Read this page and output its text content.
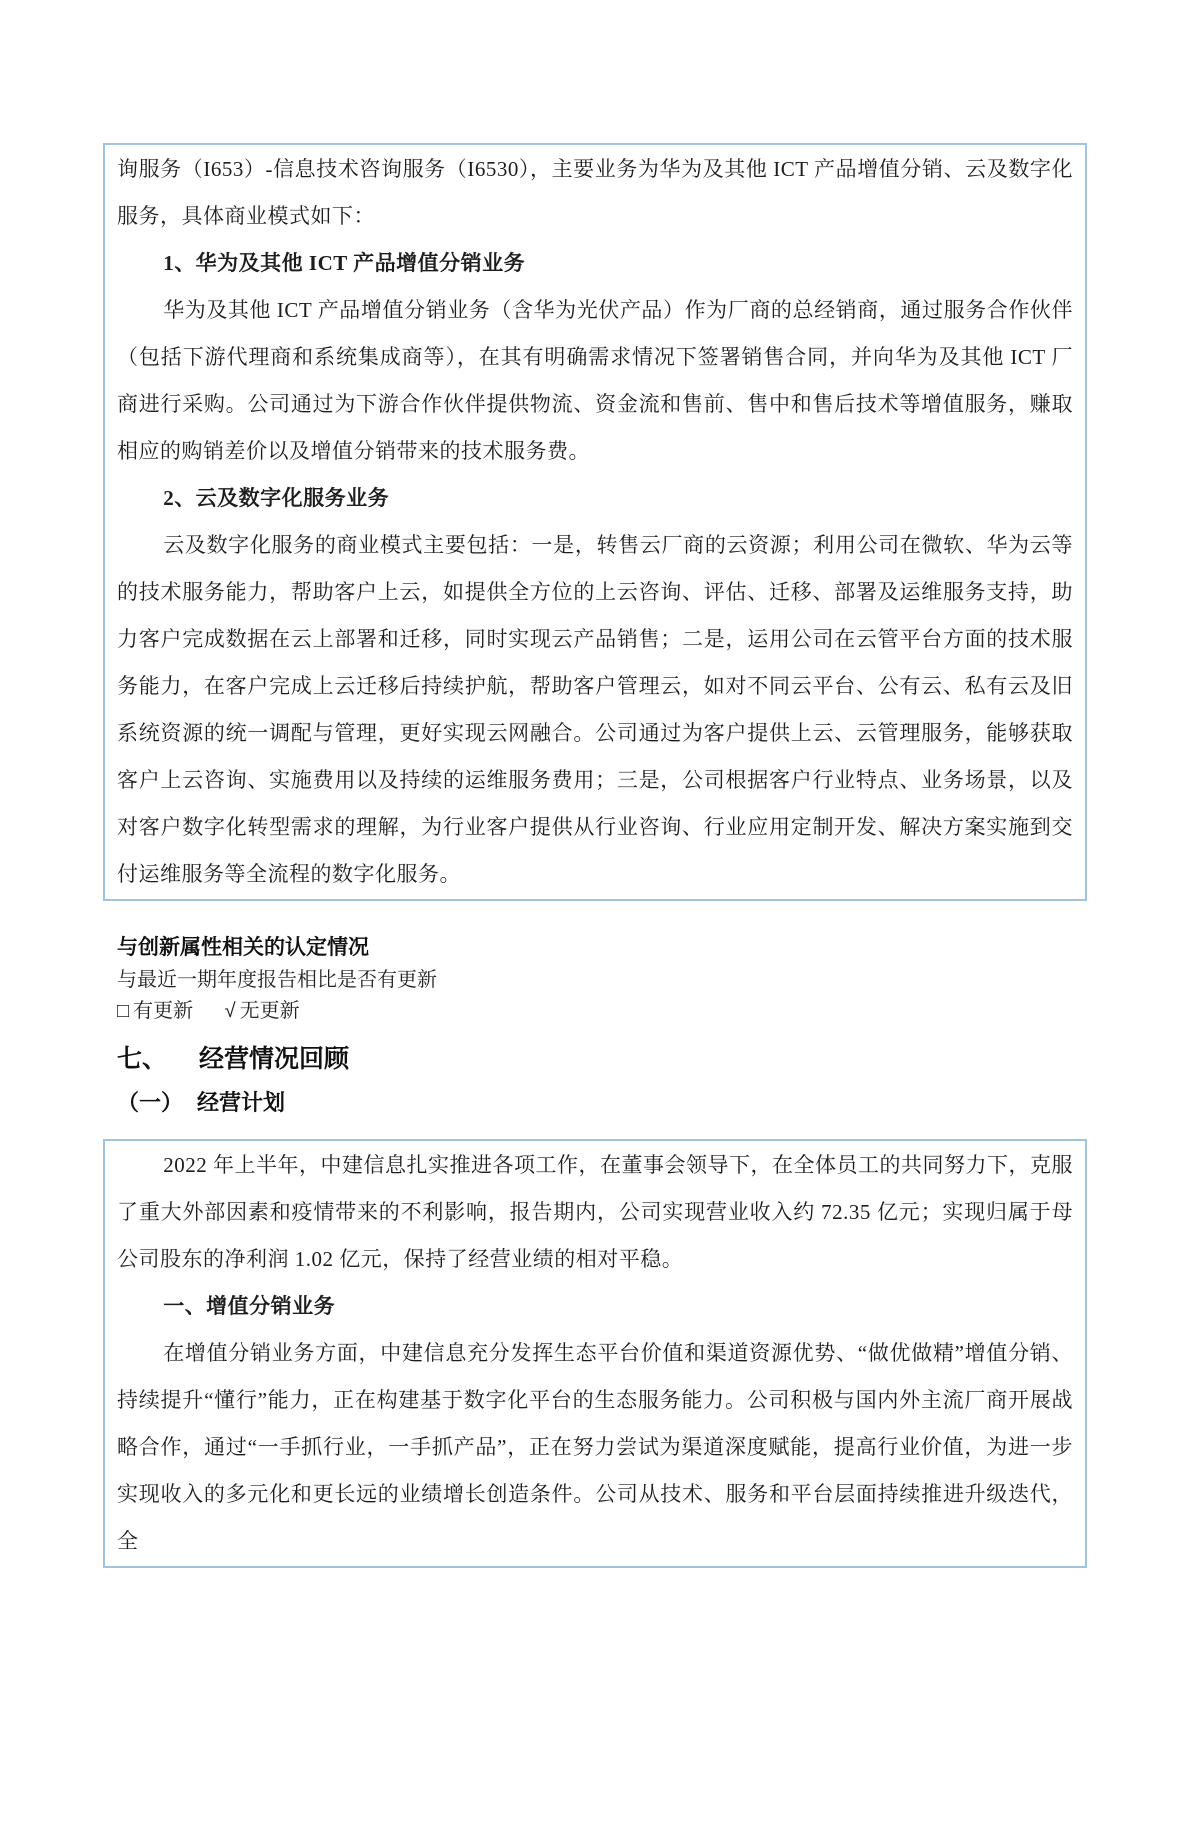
询服务（I653）-信息技术咨询服务（I6530），主要业务为华为及其他 ICT 产品增值分销、云及数字化服务，具体商业模式如下：

1、华为及其他 ICT 产品增值分销业务

华为及其他 ICT 产品增值分销业务（含华为光伏产品）作为厂商的总经销商，通过服务合作伙伴（包括下游代理商和系统集成商等），在其有明确需求情况下签署销售合同，并向华为及其他 ICT 厂商进行采购。公司通过为下游合作伙伴提供物流、资金流和售前、售中和售后技术等增值服务，赚取相应的购销差价以及增值分销带来的技术服务费。

2、云及数字化服务业务

云及数字化服务的商业模式主要包括：一是，转售云厂商的云资源；利用公司在微软、华为云等的技术服务能力，帮助客户上云，如提供全方位的上云咨询、评估、迁移、部署及运维服务支持，助力客户完成数据在云上部署和迁移，同时实现云产品销售；二是，运用公司在云管平台方面的技术服务能力，在客户完成上云迁移后持续护航，帮助客户管理云，如对不同云平台、公有云、私有云及旧系统资源的统一调配与管理，更好实现云网融合。公司通过为客户提供上云、云管理服务，能够获取客户上云咨询、实施费用以及持续的运维服务费用；三是，公司根据客户行业特点、业务场景，以及对客户数字化转型需求的理解，为行业客户提供从行业咨询、行业应用定制开发、解决方案实施到交付运维服务等全流程的数字化服务。

与创新属性相关的认定情况

与最近一期年度报告相比是否有更新

□ 有更新 √ 无更新

七、 经营情况回顾
（一） 经营计划

2022 年上半年，中建信息扎实推进各项工作，在董事会领导下，在全体员工的共同努力下，克服了重大外部因素和疫情带来的不利影响，报告期内，公司实现营业收入约 72.35 亿元；实现归属于母公司股东的净利润 1.02 亿元，保持了经营业绩的相对平稳。

一、增值分销业务

在增值分销业务方面，中建信息充分发挥生态平台价值和渠道资源优势、“做优做精”增值分销、持续提升“懂行”能力，正在构建基于数字化平台的生态服务能力。公司积极与国内外主流厂商开展战略合作，通过“一手抓行业，一手抓产品”，正在努力尝试为渠道深度赋能，提高行业价值，为进一步实现收入的多元化和更长远的业绩增长创造条件。公司从技术、服务和平台层面持续推进升级迭代，全
